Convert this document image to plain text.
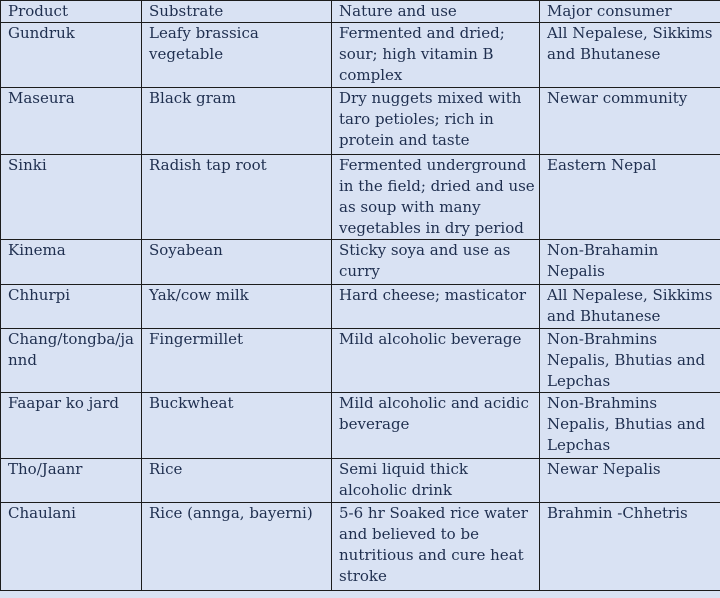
Product	Substrate	Nature and use	Major consumer
Gundruk	Leafy brassica vegetable	Fermented and dried; sour; high vitamin B complex	All Nepalese, Sikkims and Bhutanese
Maseura	Black gram	Dry nuggets mixed with taro petioles; rich in protein and taste	Newar community
Sinki	Radish tap root	Fermented underground in the field; dried and use as soup with many vegetables in dry period	Eastern Nepal
Kinema	Soyabean	Sticky soya and use as curry	Non-Brahamin Nepalis
Chhurpi	Yak/cow milk	Hard cheese; masticator	All Nepalese, Sikkims and Bhutanese
Chang/tongba/jannd	Fingermillet	Mild alcoholic beverage	Non-Brahmins Nepalis, Bhutias and Lepchas
Faapar ko jard	Buckwheat	Mild alcoholic and acidic beverage	Non-Brahmins Nepalis, Bhutias and Lepchas
Tho/Jaanr	Rice	Semi liquid thick alcoholic drink	Newar Nepalis
Chaulani	Rice (annga, bayerni)	5-6 hr Soaked rice water and believed to be nutritious and cure heat stroke	Brahmin -Chhetris
